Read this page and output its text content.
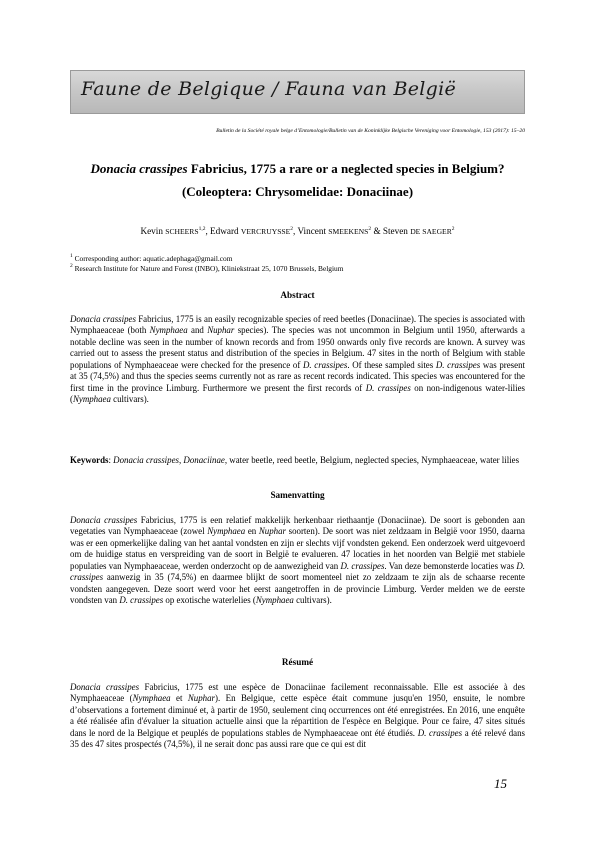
Faune de Belgique / Fauna van België
Bulletin de la Société royale belge d’Entomologie/Bulletin van de Koninklijke Belgische Vereniging voor Entomologie, 153 (2017): 15–20
Donacia crassipes Fabricius, 1775 a rare or a neglected species in Belgium?
(Coleoptera: Chrysomelidae: Donaciinae)
Kevin SCHEERS$^{1,2}$, Edward VERCRUYSSE$^2$, Vincent SMEEKENS$^2$ & Steven DE SAEGER$^2$
$^1$ Corresponding author: aquatic.adephaga@gmail.com
$^2$ Research Institute for Nature and Forest (INBO), Kliniekstraat 25, 1070 Brussels, Belgium
Abstract
Donacia crassipes Fabricius, 1775 is an easily recognizable species of reed beetles (Donaciinae). The species is associated with Nymphaeaceae (both Nymphaea and Nuphar species). The species was not uncommon in Belgium until 1950, afterwards a notable decline was seen in the number of known records and from 1950 onwards only five records are known. A survey was carried out to assess the present status and distribution of the species in Belgium. 47 sites in the north of Belgium with stable populations of Nymphaeaceae were checked for the presence of D. crassipes. Of these sampled sites D. crassipes was present at 35 (74,5%) and thus the species seems currently not as rare as recent records indicated. This species was encountered for the first time in the province Limburg. Furthermore we present the first records of D. crassipes on non-indigenous water-lilies (Nymphaea cultivars).
Keywords: Donacia crassipes, Donaciinae, water beetle, reed beetle, Belgium, neglected species, Nymphaeaceae, water lilies
Samenvatting
Donacia crassipes Fabricius, 1775 is een relatief makkelijk herkenbaar riethaantje (Donaciinae). De soort is gebonden aan vegetaties van Nymphaeaceae (zowel Nymphaea en Nuphar soorten). De soort was niet zeldzaam in België voor 1950, daarna was er een opmerkelijke daling van het aantal vondsten en zijn er slechts vijf vondsten gekend. Een onderzoek werd uitgevoerd om de huidige status en verspreiding van de soort in België te evalueren. 47 locaties in het noorden van België met stabiele populaties van Nymphaeaceae, werden onderzocht op de aanwezigheid van D. crassipes. Van deze bemonsterde locaties was D. crassipes aanwezig in 35 (74,5%) en daarmee blijkt de soort momenteel niet zo zeldzaam te zijn als de schaarse recente vondsten aangegeven. Deze soort werd voor het eerst aangetroffen in de provincie Limburg. Verder melden we de eerste vondsten van D. crassipes op exotische waterlelies (Nymphaea cultivars).
Résumé
Donacia crassipes Fabricius, 1775 est une espèce de Donaciinae facilement reconnaissable. Elle est associée à des Nymphaeaceae (Nymphaea et Nuphar). En Belgique, cette espèce était commune jusqu'en 1950, ensuite, le nombre d’observations a fortement diminué et, à partir de 1950, seulement cinq occurrences ont été enregistrées. En 2016, une enquête a été réalisée afin d'évaluer la situation actuelle ainsi que la répartition de l'espèce en Belgique. Pour ce faire, 47 sites situés dans le nord de la Belgique et peuplés de populations stables de Nymphaeaceae ont été étudiés. D. crassipes a été relevé dans 35 des 47 sites prospectés (74,5%), il ne serait donc pas aussi rare que ce qui est dit
15
